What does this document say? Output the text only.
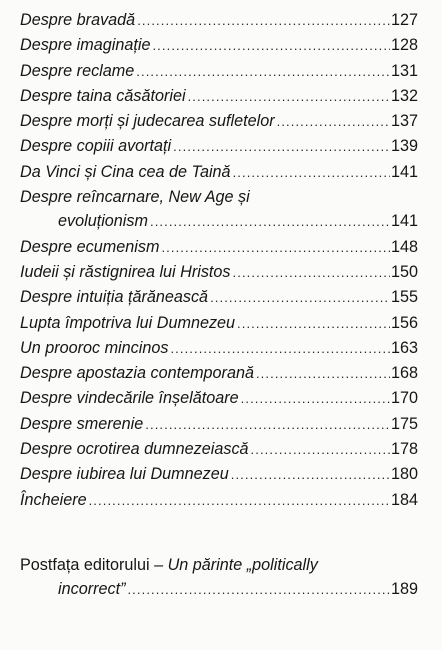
Despre bravadă .....	127
Despre imaginație .....	128
Despre reclame .....	131
Despre taina căsătoriei .....	132
Despre morți și judecarea sufletelor .....	137
Despre copiii avortați .....	139
Da Vinci și Cina cea de Taină .....	141
Despre reîncarnare, New Age și
evoluționism .....	141
Despre ecumenism .....	148
Iudeii și răstignirea lui Hristos .....	150
Despre intuiția țărănească .....	155
Lupta împotriva lui Dumnezeu .....	156
Un prooroc mincinos .....	163
Despre apostazia contemporană .....	168
Despre vindecările înșelătoare .....	170
Despre smerenie .....	175
Despre ocrotirea dumnezeiască .....	178
Despre iubirea lui Dumnezeu .....	180
Încheiere .....	184
Postfața editorului – Un părinte „politically
incorrect” .....	189
